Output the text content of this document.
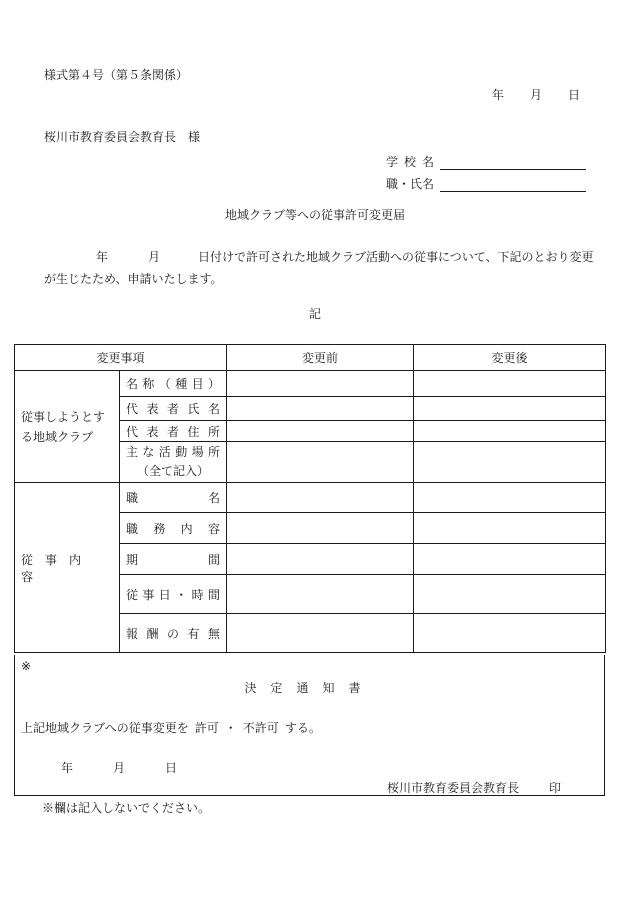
様式第４号（第５条関係）
年 月 日
桜川市教育委員会教育長　様
学校名
職・氏名
地域クラブ等への従事許可変更届
年	月	日付けで許可された地域クラブ活動への従事について、下記のとおり変更が生じたため、申請いたします。
記
変更事項		変更前	変更後
従事しようとする地域クラブ	名称（種目）		
	代表者氏名		
	代表者住所		

	主な活動場所
（全て記入）		

従事内容	職名		
	職務内容		
	期間		
	従事日・時間		
	報酬の有無		
※
決定通知書
上記地域クラブへの従事変更を 許可 ・ 不許可 する。
年	月	日
桜川市教育委員会教育長	印
※欄は記入しないでください。
